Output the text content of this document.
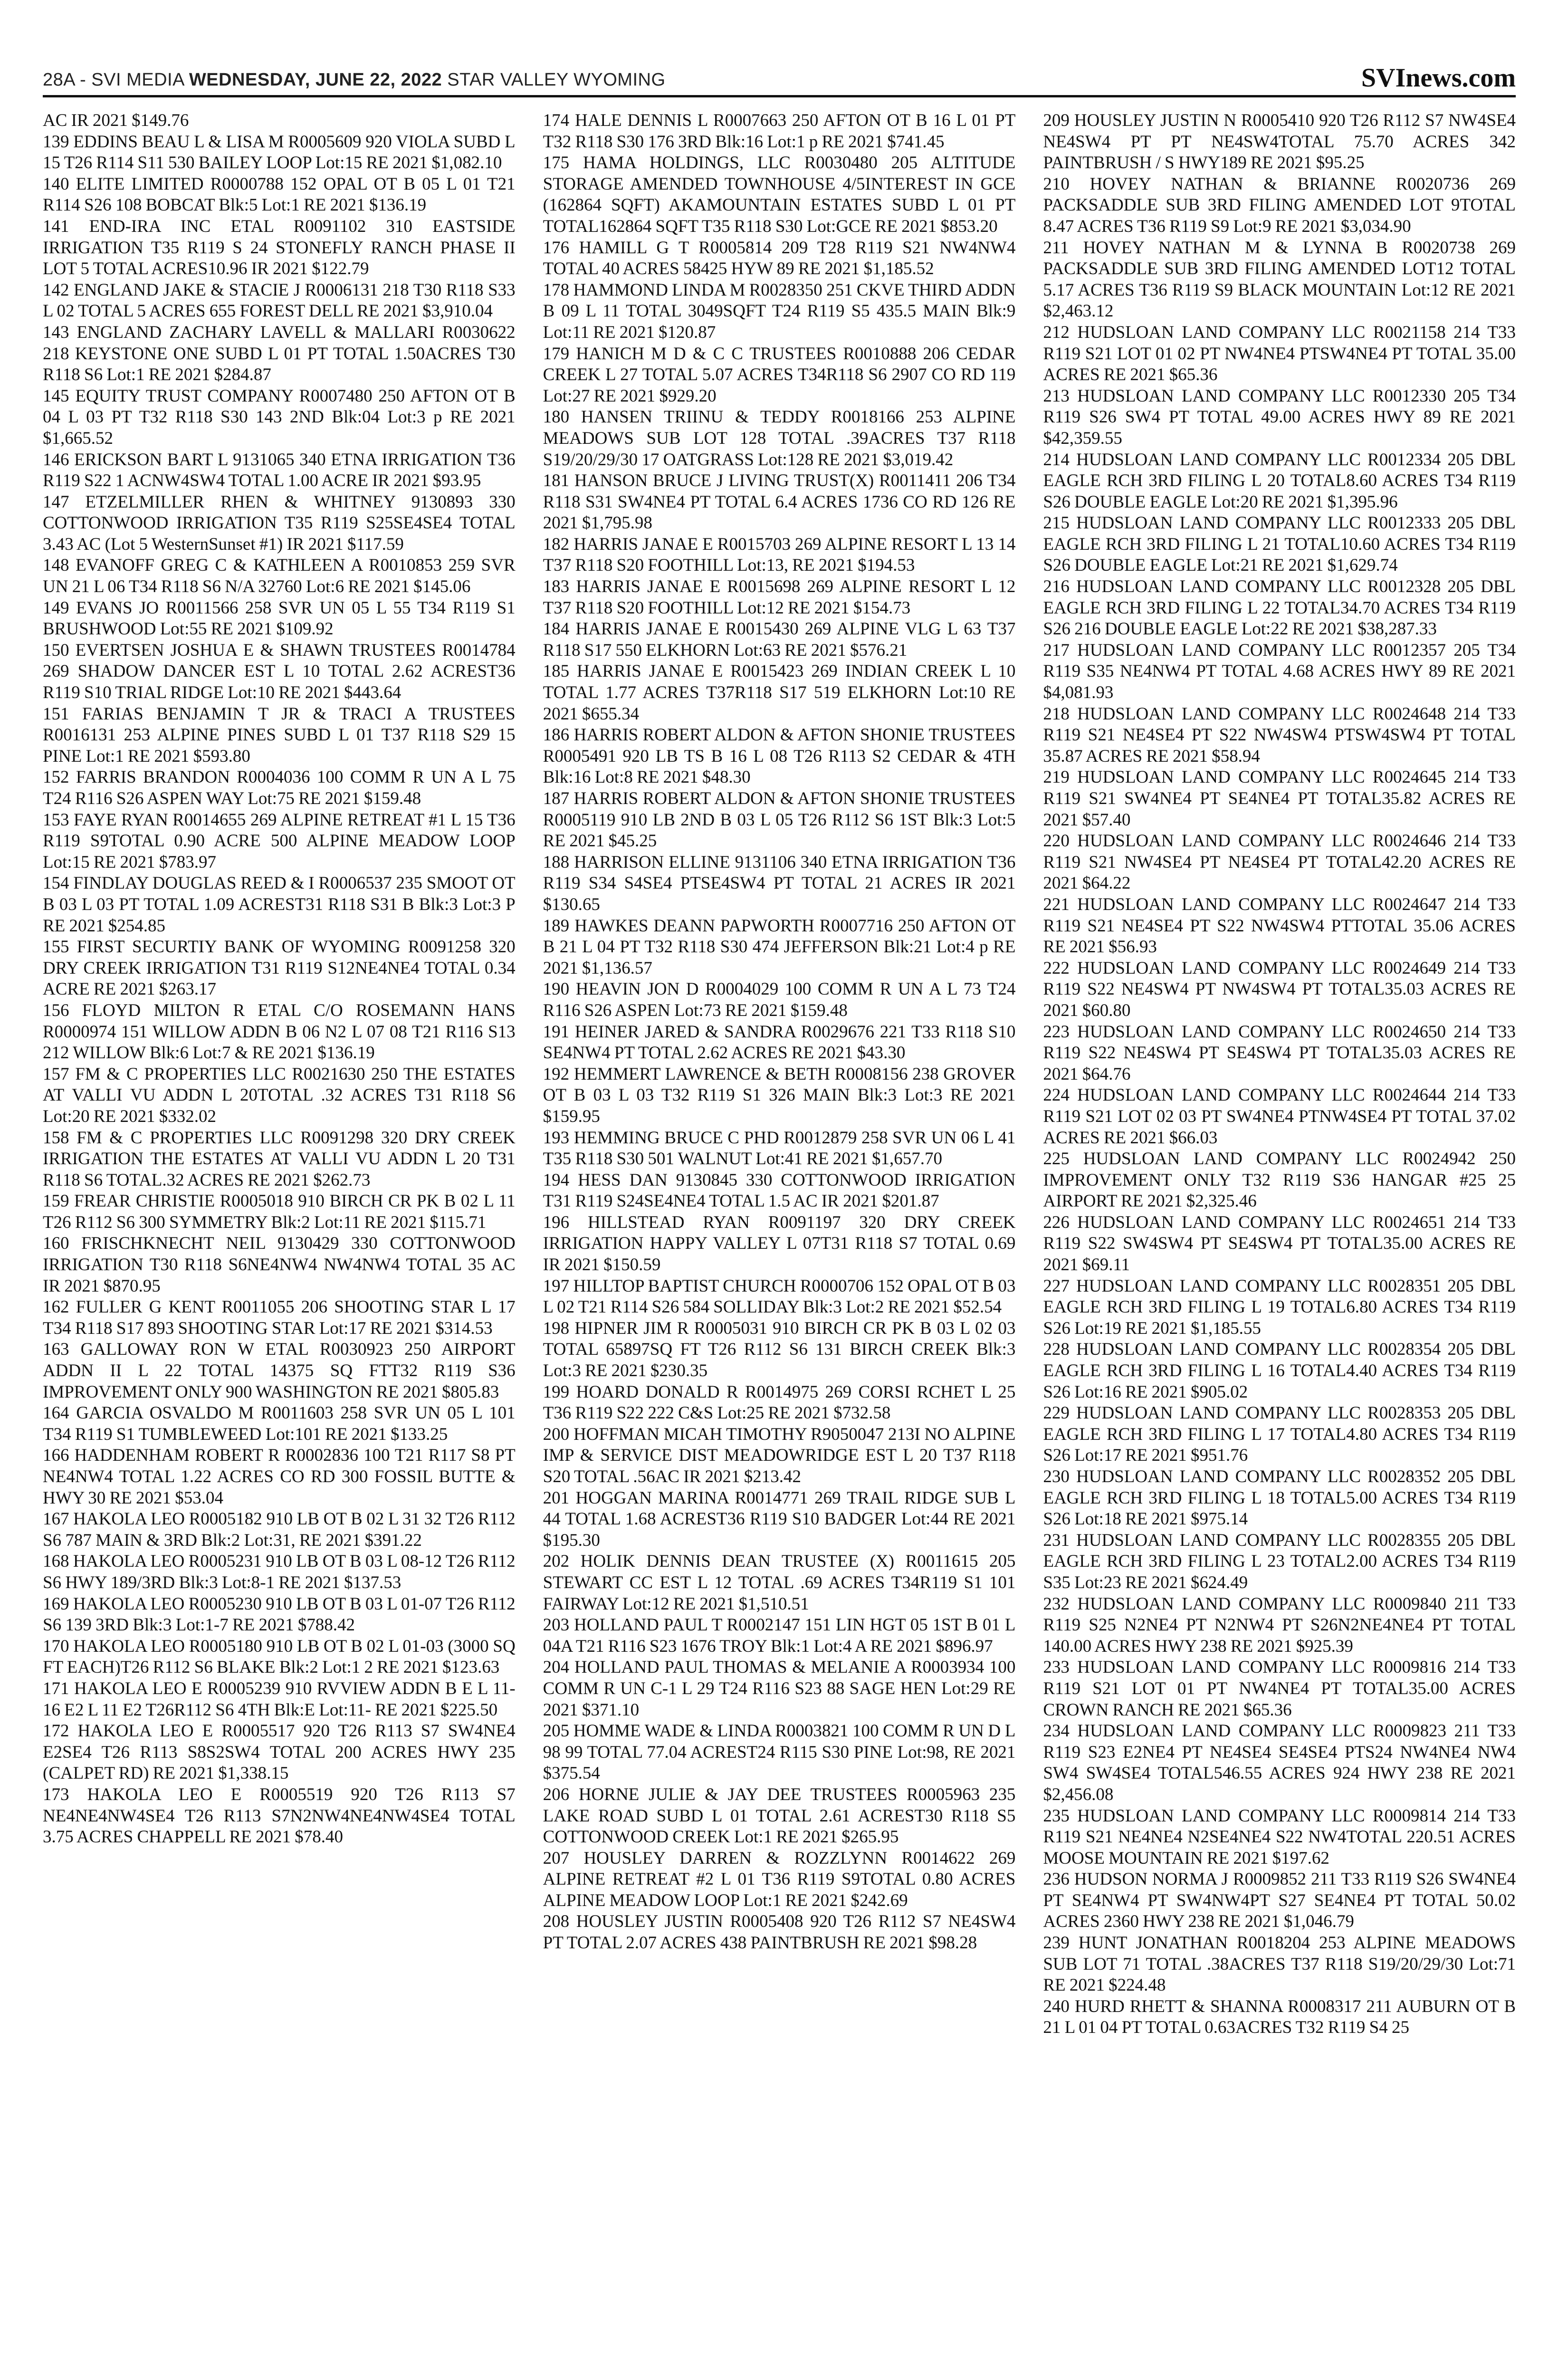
28A - SVI MEDIA WEDNESDAY, JUNE 22, 2022 STAR VALLEY WYOMING	SVInews.com
AC IR 2021 $149.76
139 EDDINS BEAU L & LISA M R0005609 920 VIOLA SUBD L 15 T26 R114 S11 530 BAILEY LOOP Lot:15 RE 2021 $1,082.10
140 ELITE LIMITED R0000788 152 OPAL OT B 05 L 01 T21 R114 S26 108 BOBCAT Blk:5 Lot:1 RE 2021 $136.19
141 END-IRA INC ETAL R0091102 310 EASTSIDE IRRIGATION T35 R119 S 24 STONEFLY RANCH PHASE II LOT 5 TOTAL ACRES10.96 IR 2021 $122.79
142 ENGLAND JAKE & STACIE J R0006131 218 T30 R118 S33 L 02 TOTAL 5 ACRES 655 FOREST DELL RE 2021 $3,910.04
143 ENGLAND ZACHARY LAVELL & MALLARI R0030622 218 KEYSTONE ONE SUBD L 01 PT TOTAL 1.50ACRES T30 R118 S6 Lot:1 RE 2021 $284.87
145 EQUITY TRUST COMPANY R0007480 250 AFTON OT B 04 L 03 PT T32 R118 S30 143 2ND Blk:04 Lot:3 p RE 2021 $1,665.52
146 ERICKSON BART L 9131065 340 ETNA IRRIGATION T36 R119 S22 1 ACNW4SW4 TOTAL 1.00 ACRE IR 2021 $93.95
147 ETZELMILLER RHEN & WHITNEY 9130893 330 COTTONWOOD IRRIGATION T35 R119 S25SE4SE4 TOTAL 3.43 AC (Lot 5 WesternSunset #1) IR 2021 $117.59
148 EVANOFF GREG C & KATHLEEN A R0010853 259 SVR UN 21 L 06 T34 R118 S6 N/A 32760 Lot:6 RE 2021 $145.06
149 EVANS JO R0011566 258 SVR UN 05 L 55 T34 R119 S1 BRUSHWOOD Lot:55 RE 2021 $109.92
150 EVERTSEN JOSHUA E & SHAWN TRUSTEES R0014784 269 SHADOW DANCER EST L 10 TOTAL 2.62 ACREST36 R119 S10 TRIAL RIDGE Lot:10 RE 2021 $443.64
151 FARIAS BENJAMIN T JR & TRACI A TRUSTEES R0016131 253 ALPINE PINES SUBD L 01 T37 R118 S29 15 PINE Lot:1 RE 2021 $593.80
152 FARRIS BRANDON R0004036 100 COMM R UN A L 75 T24 R116 S26 ASPEN WAY Lot:75 RE 2021 $159.48
153 FAYE RYAN R0014655 269 ALPINE RETREAT #1 L 15 T36 R119 S9TOTAL 0.90 ACRE 500 ALPINE MEADOW LOOP Lot:15 RE 2021 $783.97
154 FINDLAY DOUGLAS REED & I R0006537 235 SMOOT OT B 03 L 03 PT TOTAL 1.09 ACREST31 R118 S31 B Blk:3 Lot:3 P RE 2021 $254.85
155 FIRST SECURTIY BANK OF WYOMING R0091258 320 DRY CREEK IRRIGATION T31 R119 S12NE4NE4 TOTAL 0.34 ACRE RE 2021 $263.17
156 FLOYD MILTON R ETAL C/O ROSEMANN HANS R0000974 151 WILLOW ADDN B 06 N2 L 07 08 T21 R116 S13 212 WILLOW Blk:6 Lot:7 & RE 2021 $136.19
157 FM & C PROPERTIES LLC R0021630 250 THE ESTATES AT VALLI VU ADDN L 20TOTAL .32 ACRES T31 R118 S6 Lot:20 RE 2021 $332.02
158 FM & C PROPERTIES LLC R0091298 320 DRY CREEK IRRIGATION THE ESTATES AT VALLI VU ADDN L 20 T31 R118 S6 TOTAL.32 ACRES RE 2021 $262.73
159 FREAR CHRISTIE R0005018 910 BIRCH CR PK B 02 L 11 T26 R112 S6 300 SYMMETRY Blk:2 Lot:11 RE 2021 $115.71
160 FRISCHKNECHT NEIL 9130429 330 COTTONWOOD IRRIGATION T30 R118 S6NE4NW4 NW4NW4 TOTAL 35 AC IR 2021 $870.95
162 FULLER G KENT R0011055 206 SHOOTING STAR L 17 T34 R118 S17 893 SHOOTING STAR Lot:17 RE 2021 $314.53
163 GALLOWAY RON W ETAL R0030923 250 AIRPORT ADDN II L 22 TOTAL 14375 SQ FTT32 R119 S36 IMPROVEMENT ONLY 900 WASHINGTON RE 2021 $805.83
164 GARCIA OSVALDO M R0011603 258 SVR UN 05 L 101 T34 R119 S1 TUMBLEWEED Lot:101 RE 2021 $133.25
166 HADDENHAM ROBERT R R0002836 100 T21 R117 S8 PT NE4NW4 TOTAL 1.22 ACRES CO RD 300 FOSSIL BUTTE & HWY 30 RE 2021 $53.04
167 HAKOLA LEO R0005182 910 LB OT B 02 L 31 32 T26 R112 S6 787 MAIN & 3RD Blk:2 Lot:31, RE 2021 $391.22
168 HAKOLA LEO R0005231 910 LB OT B 03 L 08-12 T26 R112 S6 HWY 189/3RD Blk:3 Lot:8-1 RE 2021 $137.53
169 HAKOLA LEO R0005230 910 LB OT B 03 L 01-07 T26 R112 S6 139 3RD Blk:3 Lot:1-7 RE 2021 $788.42
170 HAKOLA LEO R0005180 910 LB OT B 02 L 01-03 (3000 SQ FT EACH)T26 R112 S6 BLAKE Blk:2 Lot:1 2 RE 2021 $123.63
171 HAKOLA LEO E R0005239 910 RVVIEW ADDN B E L 11-16 E2 L 11 E2 T26R112 S6 4TH Blk:E Lot:11- RE 2021 $225.50
172 HAKOLA LEO E R0005517 920 T26 R113 S7 SW4NE4 E2SE4 T26 R113 S8S2SW4 TOTAL 200 ACRES HWY 235 (CALPET RD) RE 2021 $1,338.15
173 HAKOLA LEO E R0005519 920 T26 R113 S7 NE4NE4NW4SE4 T26 R113 S7N2NW4NE4NW4SE4 TOTAL 3.75 ACRES CHAPPELL RE 2021 $78.40
174 HALE DENNIS L R0007663 250 AFTON OT B 16 L 01 PT T32 R118 S30 176 3RD Blk:16 Lot:1 p RE 2021 $741.45
175 HAMA HOLDINGS, LLC R0030480 205 ALTITUDE STORAGE AMENDED TOWNHOUSE 4/5INTEREST IN GCE (162864 SQFT) AKAMOUNTAIN ESTATES SUBD L 01 PT TOTAL162864 SQFT T35 R118 S30 Lot:GCE RE 2021 $853.20
176 HAMILL G T R0005814 209 T28 R119 S21 NW4NW4 TOTAL 40 ACRES 58425 HYW 89 RE 2021 $1,185.52
178 HAMMOND LINDA M R0028350 251 CKVE THIRD ADDN B 09 L 11 TOTAL 3049SQFT T24 R119 S5 435.5 MAIN Blk:9 Lot:11 RE 2021 $120.87
179 HANICH M D & C C TRUSTEES R0010888 206 CEDAR CREEK L 27 TOTAL 5.07 ACRES T34R118 S6 2907 CO RD 119 Lot:27 RE 2021 $929.20
180 HANSEN TRIINU & TEDDY R0018166 253 ALPINE MEADOWS SUB LOT 128 TOTAL .39ACRES T37 R118 S19/20/29/30 17 OATGRASS Lot:128 RE 2021 $3,019.42
181 HANSON BRUCE J LIVING TRUST(X) R0011411 206 T34 R118 S31 SW4NE4 PT TOTAL 6.4 ACRES 1736 CO RD 126 RE 2021 $1,795.98
182 HARRIS JANAE E R0015703 269 ALPINE RESORT L 13 14 T37 R118 S20 FOOTHILL Lot:13, RE 2021 $194.53
183 HARRIS JANAE E R0015698 269 ALPINE RESORT L 12 T37 R118 S20 FOOTHILL Lot:12 RE 2021 $154.73
184 HARRIS JANAE E R0015430 269 ALPINE VLG L 63 T37 R118 S17 550 ELKHORN Lot:63 RE 2021 $576.21
185 HARRIS JANAE E R0015423 269 INDIAN CREEK L 10 TOTAL 1.77 ACRES T37R118 S17 519 ELKHORN Lot:10 RE 2021 $655.34
186 HARRIS ROBERT ALDON & AFTON SHONIE TRUSTEES R0005491 920 LB TS B 16 L 08 T26 R113 S2 CEDAR & 4TH Blk:16 Lot:8 RE 2021 $48.30
187 HARRIS ROBERT ALDON & AFTON SHONIE TRUSTEES R0005119 910 LB 2ND B 03 L 05 T26 R112 S6 1ST Blk:3 Lot:5 RE 2021 $45.25
188 HARRISON ELLINE 9131106 340 ETNA IRRIGATION T36 R119 S34 S4SE4 PTSE4SW4 PT TOTAL 21 ACRES IR 2021 $130.65
189 HAWKES DEANN PAPWORTH R0007716 250 AFTON OT B 21 L 04 PT T32 R118 S30 474 JEFFERSON Blk:21 Lot:4 p RE 2021 $1,136.57
190 HEAVIN JON D R0004029 100 COMM R UN A L 73 T24 R116 S26 ASPEN Lot:73 RE 2021 $159.48
191 HEINER JARED & SANDRA R0029676 221 T33 R118 S10 SE4NW4 PT TOTAL 2.62 ACRES RE 2021 $43.30
192 HEMMERT LAWRENCE & BETH R0008156 238 GROVER OT B 03 L 03 T32 R119 S1 326 MAIN Blk:3 Lot:3 RE 2021 $159.95
193 HEMMING BRUCE C PHD R0012879 258 SVR UN 06 L 41 T35 R118 S30 501 WALNUT Lot:41 RE 2021 $1,657.70
194 HESS DAN 9130845 330 COTTONWOOD IRRIGATION T31 R119 S24SE4NE4 TOTAL 1.5 AC IR 2021 $201.87
196 HILLSTEAD RYAN R0091197 320 DRY CREEK IRRIGATION HAPPY VALLEY L 07T31 R118 S7 TOTAL 0.69 IR 2021 $150.59
197 HILLTOP BAPTIST CHURCH R0000706 152 OPAL OT B 03 L 02 T21 R114 S26 584 SOLLIDAY Blk:3 Lot:2 RE 2021 $52.54
198 HIPNER JIM R R0005031 910 BIRCH CR PK B 03 L 02 03 TOTAL 65897SQ FT T26 R112 S6 131 BIRCH CREEK Blk:3 Lot:3 RE 2021 $230.35
199 HOARD DONALD R R0014975 269 CORSI RCHET L 25 T36 R119 S22 222 C&S Lot:25 RE 2021 $732.58
200 HOFFMAN MICAH TIMOTHY R9050047 213I NO ALPINE IMP & SERVICE DIST MEADOWRIDGE EST L 20 T37 R118 S20 TOTAL .56AC IR 2021 $213.42
201 HOGGAN MARINA R0014771 269 TRAIL RIDGE SUB L 44 TOTAL 1.68 ACREST36 R119 S10 BADGER Lot:44 RE 2021 $195.30
202 HOLIK DENNIS DEAN TRUSTEE (X) R0011615 205 STEWART CC EST L 12 TOTAL .69 ACRES T34R119 S1 101 FAIRWAY Lot:12 RE 2021 $1,510.51
203 HOLLAND PAUL T R0002147 151 LIN HGT 05 1ST B 01 L 04A T21 R116 S23 1676 TROY Blk:1 Lot:4 A RE 2021 $896.97
204 HOLLAND PAUL THOMAS & MELANIE A R0003934 100 COMM R UN C-1 L 29 T24 R116 S23 88 SAGE HEN Lot:29 RE 2021 $371.10
205 HOMME WADE & LINDA R0003821 100 COMM R UN D L 98 99 TOTAL 77.04 ACREST24 R115 S30 PINE Lot:98, RE 2021 $375.54
206 HORNE JULIE & JAY DEE TRUSTEES R0005963 235 LAKE ROAD SUBD L 01 TOTAL 2.61 ACREST30 R118 S5 COTTONWOOD CREEK Lot:1 RE 2021 $265.95
207 HOUSLEY DARREN & ROZZLYNN R0014622 269 ALPINE RETREAT #2 L 01 T36 R119 S9TOTAL 0.80 ACRES ALPINE MEADOW LOOP Lot:1 RE 2021 $242.69
208 HOUSLEY JUSTIN R0005408 920 T26 R112 S7 NE4SW4 PT TOTAL 2.07 ACRES 438 PAINTBRUSH RE 2021 $98.28
209 HOUSLEY JUSTIN N R0005410 920 T26 R112 S7 NW4SE4 NE4SW4 PT PT NE4SW4TOTAL 75.70 ACRES 342 PAINTBRUSH / S HWY189 RE 2021 $95.25
210 HOVEY NATHAN & BRIANNE R0020736 269 PACKSADDLE SUB 3RD FILING AMENDED LOT 9TOTAL 8.47 ACRES T36 R119 S9 Lot:9 RE 2021 $3,034.90
211 HOVEY NATHAN M & LYNNA B R0020738 269 PACKSADDLE SUB 3RD FILING AMENDED LOT12 TOTAL 5.17 ACRES T36 R119 S9 BLACK MOUNTAIN Lot:12 RE 2021 $2,463.12
212 HUDSLOAN LAND COMPANY LLC R0021158 214 T33 R119 S21 LOT 01 02 PT NW4NE4 PTSW4NE4 PT TOTAL 35.00 ACRES RE 2021 $65.36
213 HUDSLOAN LAND COMPANY LLC R0012330 205 T34 R119 S26 SW4 PT TOTAL 49.00 ACRES HWY 89 RE 2021 $42,359.55
214 HUDSLOAN LAND COMPANY LLC R0012334 205 DBL EAGLE RCH 3RD FILING L 20 TOTAL8.60 ACRES T34 R119 S26 DOUBLE EAGLE Lot:20 RE 2021 $1,395.96
215 HUDSLOAN LAND COMPANY LLC R0012333 205 DBL EAGLE RCH 3RD FILING L 21 TOTAL10.60 ACRES T34 R119 S26 DOUBLE EAGLE Lot:21 RE 2021 $1,629.74
216 HUDSLOAN LAND COMPANY LLC R0012328 205 DBL EAGLE RCH 3RD FILING L 22 TOTAL34.70 ACRES T34 R119 S26 216 DOUBLE EAGLE Lot:22 RE 2021 $38,287.33
217 HUDSLOAN LAND COMPANY LLC R0012357 205 T34 R119 S35 NE4NW4 PT TOTAL 4.68 ACRES HWY 89 RE 2021 $4,081.93
218 HUDSLOAN LAND COMPANY LLC R0024648 214 T33 R119 S21 NE4SE4 PT S22 NW4SW4 PTSW4SW4 PT TOTAL 35.87 ACRES RE 2021 $58.94
219 HUDSLOAN LAND COMPANY LLC R0024645 214 T33 R119 S21 SW4NE4 PT SE4NE4 PT TOTAL35.82 ACRES RE 2021 $57.40
220 HUDSLOAN LAND COMPANY LLC R0024646 214 T33 R119 S21 NW4SE4 PT NE4SE4 PT TOTAL42.20 ACRES RE 2021 $64.22
221 HUDSLOAN LAND COMPANY LLC R0024647 214 T33 R119 S21 NE4SE4 PT S22 NW4SW4 PTTOTAL 35.06 ACRES RE 2021 $56.93
222 HUDSLOAN LAND COMPANY LLC R0024649 214 T33 R119 S22 NE4SW4 PT NW4SW4 PT TOTAL35.03 ACRES RE 2021 $60.80
223 HUDSLOAN LAND COMPANY LLC R0024650 214 T33 R119 S22 NE4SW4 PT SE4SW4 PT TOTAL35.03 ACRES RE 2021 $64.76
224 HUDSLOAN LAND COMPANY LLC R0024644 214 T33 R119 S21 LOT 02 03 PT SW4NE4 PTNW4SE4 PT TOTAL 37.02 ACRES RE 2021 $66.03
225 HUDSLOAN LAND COMPANY LLC R0024942 250 IMPROVEMENT ONLY T32 R119 S36 HANGAR #25 25 AIRPORT RE 2021 $2,325.46
226 HUDSLOAN LAND COMPANY LLC R0024651 214 T33 R119 S22 SW4SW4 PT SE4SW4 PT TOTAL35.00 ACRES RE 2021 $69.11
227 HUDSLOAN LAND COMPANY LLC R0028351 205 DBL EAGLE RCH 3RD FILING L 19 TOTAL6.80 ACRES T34 R119 S26 Lot:19 RE 2021 $1,185.55
228 HUDSLOAN LAND COMPANY LLC R0028354 205 DBL EAGLE RCH 3RD FILING L 16 TOTAL4.40 ACRES T34 R119 S26 Lot:16 RE 2021 $905.02
229 HUDSLOAN LAND COMPANY LLC R0028353 205 DBL EAGLE RCH 3RD FILING L 17 TOTAL4.80 ACRES T34 R119 S26 Lot:17 RE 2021 $951.76
230 HUDSLOAN LAND COMPANY LLC R0028352 205 DBL EAGLE RCH 3RD FILING L 18 TOTAL5.00 ACRES T34 R119 S26 Lot:18 RE 2021 $975.14
231 HUDSLOAN LAND COMPANY LLC R0028355 205 DBL EAGLE RCH 3RD FILING L 23 TOTAL2.00 ACRES T34 R119 S35 Lot:23 RE 2021 $624.49
232 HUDSLOAN LAND COMPANY LLC R0009840 211 T33 R119 S25 N2NE4 PT N2NW4 PT S26N2NE4NE4 PT TOTAL 140.00 ACRES HWY 238 RE 2021 $925.39
233 HUDSLOAN LAND COMPANY LLC R0009816 214 T33 R119 S21 LOT 01 PT NW4NE4 PT TOTAL35.00 ACRES CROWN RANCH RE 2021 $65.36
234 HUDSLOAN LAND COMPANY LLC R0009823 211 T33 R119 S23 E2NE4 PT NE4SE4 SE4SE4 PTS24 NW4NE4 NW4 SW4 SW4SE4 TOTAL546.55 ACRES 924 HWY 238 RE 2021 $2,456.08
235 HUDSLOAN LAND COMPANY LLC R0009814 214 T33 R119 S21 NE4NE4 N2SE4NE4 S22 NW4TOTAL 220.51 ACRES MOOSE MOUNTAIN RE 2021 $197.62
236 HUDSON NORMA J R0009852 211 T33 R119 S26 SW4NE4 PT SE4NW4 PT SW4NW4PT S27 SE4NE4 PT TOTAL 50.02 ACRES 2360 HWY 238 RE 2021 $1,046.79
239 HUNT JONATHAN R0018204 253 ALPINE MEADOWS SUB LOT 71 TOTAL .38ACRES T37 R118 S19/20/29/30 Lot:71 RE 2021 $224.48
240 HURD RHETT & SHANNA R0008317 211 AUBURN OT B 21 L 01 04 PT TOTAL 0.63ACRES T32 R119 S4 25
